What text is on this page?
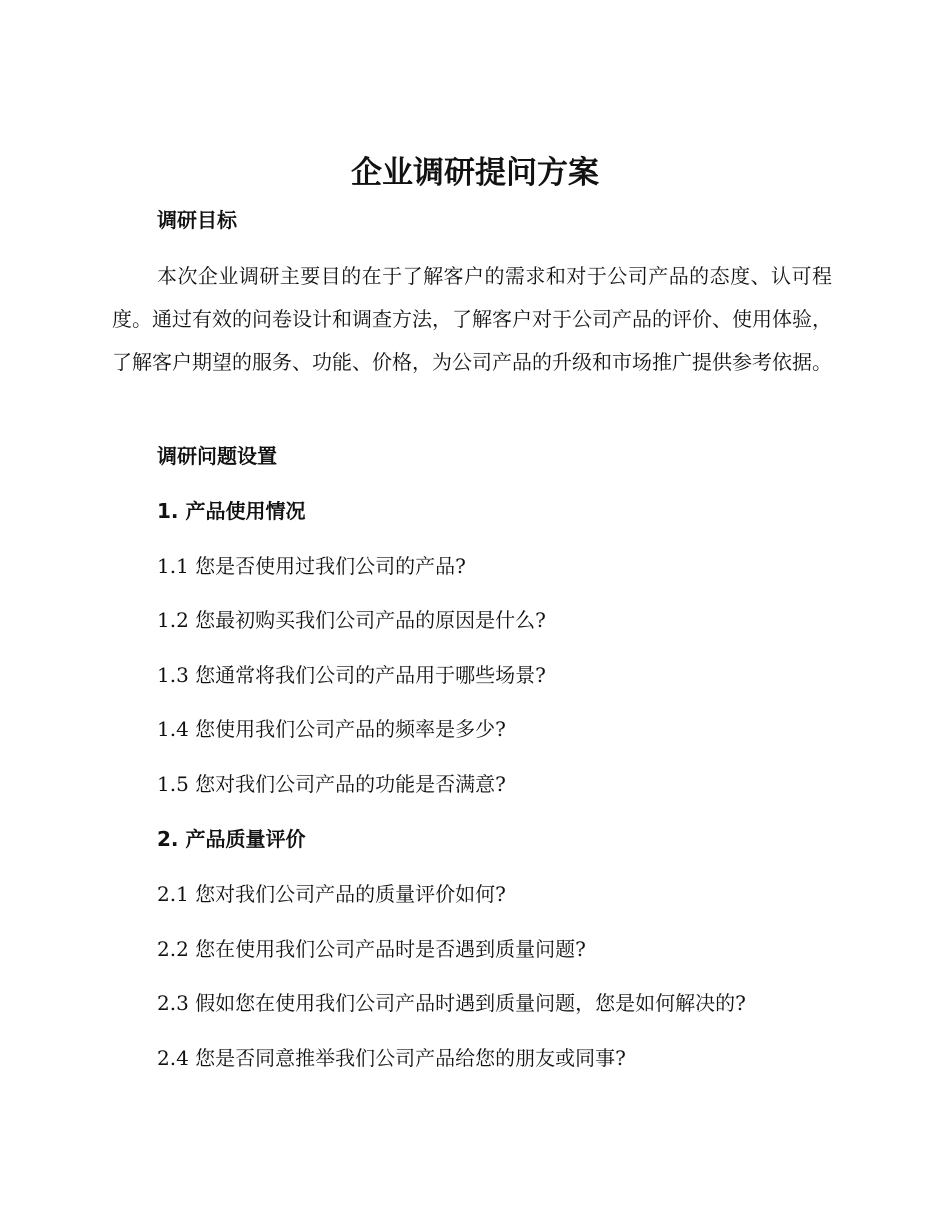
企业调研提问方案
调研目标

本次企业调研主要目的在于了解客户的需求和对于公司产品的态度、认可程度。通过有效的问卷设计和调查方法，了解客户对于公司产品的评价、使用体验，了解客户期望的服务、功能、价格，为公司产品的升级和市场推广提供参考依据。

调研问题设置
1. 产品使用情况

1.1 您是否使用过我们公司的产品?

1.2 您最初购买我们公司产品的原因是什么?

1.3 您通常将我们公司的产品用于哪些场景?

1.4 您使用我们公司产品的频率是多少?

1.5 您对我们公司产品的功能是否满意?

2. 产品质量评价

2.1 您对我们公司产品的质量评价如何?

2.2 您在使用我们公司产品时是否遇到质量问题?

2.3 假如您在使用我们公司产品时遇到质量问题，您是如何解决的?

2.4 您是否同意推举我们公司产品给您的朋友或同事?
